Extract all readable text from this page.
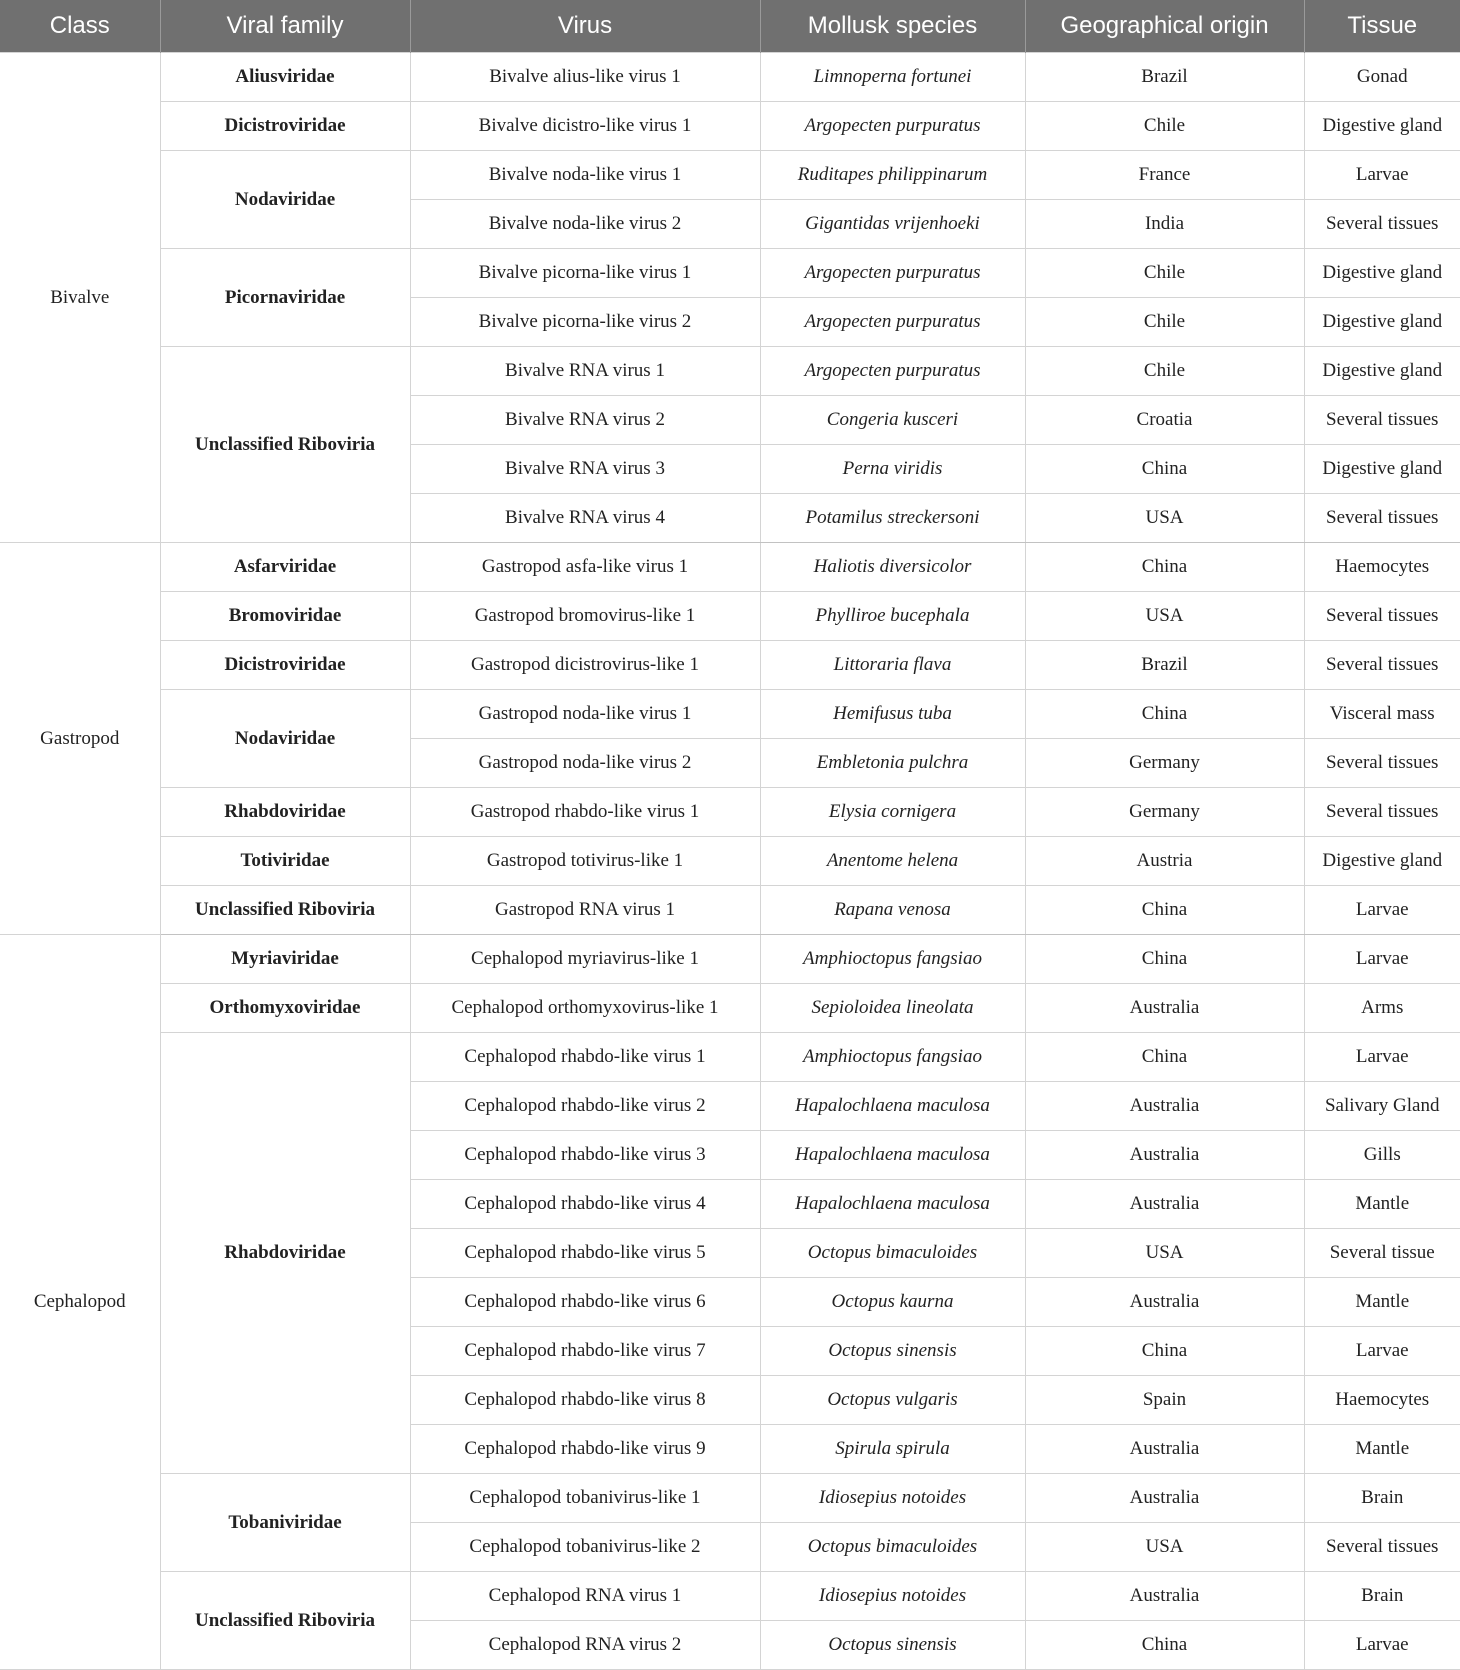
Class	Viral family	Virus	Mollusk species	Geographical origin	Tissue
Bivalve	Aliusviridae	Bivalve alius-like virus 1	Limnoperna fortunei	Brazil	Gonad
	Dicistroviridae	Bivalve dicistro-like virus 1	Argopecten purpuratus	Chile	Digestive gland
	Nodaviridae	Bivalve noda-like virus 1	Ruditapes philippinarum	France	Larvae
		Bivalve noda-like virus 2	Gigantidas vrijenhoeki	India	Several tissues
	Picornaviridae	Bivalve picorna-like virus 1	Argopecten purpuratus	Chile	Digestive gland
		Bivalve picorna-like virus 2	Argopecten purpuratus	Chile	Digestive gland
	Unclassified Riboviria	Bivalve RNA virus 1	Argopecten purpuratus	Chile	Digestive gland
		Bivalve RNA virus 2	Congeria kusceri	Croatia	Several tissues
		Bivalve RNA virus 3	Perna viridis	China	Digestive gland
		Bivalve RNA virus 4	Potamilus streckersoni	USA	Several tissues
Gastropod	Asfarviridae	Gastropod asfa-like virus 1	Haliotis diversicolor	China	Haemocytes
	Bromoviridae	Gastropod bromovirus-like 1	Phylliroe bucephala	USA	Several tissues
	Dicistroviridae	Gastropod dicistrovirus-like 1	Littoraria flava	Brazil	Several tissues
	Nodaviridae	Gastropod noda-like virus 1	Hemifusus tuba	China	Visceral mass
		Gastropod noda-like virus 2	Embletonia pulchra	Germany	Several tissues
	Rhabdoviridae	Gastropod rhabdo-like virus 1	Elysia cornigera	Germany	Several tissues
	Totiviridae	Gastropod totivirus-like 1	Anentome helena	Austria	Digestive gland
	Unclassified Riboviria	Gastropod RNA virus 1	Rapana venosa	China	Larvae
Cephalopod	Myriaviridae	Cephalopod myriavirus-like 1	Amphioctopus fangsiao	China	Larvae
	Orthomyxoviridae	Cephalopod orthomyxovirus-like 1	Sepioloidea lineolata	Australia	Arms
	Rhabdoviridae	Cephalopod rhabdo-like virus 1	Amphioctopus fangsiao	China	Larvae
		Cephalopod rhabdo-like virus 2	Hapalochlaena maculosa	Australia	Salivary Gland
		Cephalopod rhabdo-like virus 3	Hapalochlaena maculosa	Australia	Gills
		Cephalopod rhabdo-like virus 4	Hapalochlaena maculosa	Australia	Mantle
		Cephalopod rhabdo-like virus 5	Octopus bimaculoides	USA	Several tissue
		Cephalopod rhabdo-like virus 6	Octopus kaurna	Australia	Mantle
		Cephalopod rhabdo-like virus 7	Octopus sinensis	China	Larvae
		Cephalopod rhabdo-like virus 8	Octopus vulgaris	Spain	Haemocytes
		Cephalopod rhabdo-like virus 9	Spirula spirula	Australia	Mantle
	Tobaniviridae	Cephalopod tobanivirus-like 1	Idiosepius notoides	Australia	Brain
		Cephalopod tobanivirus-like 2	Octopus bimaculoides	USA	Several tissues
	Unclassified Riboviria	Cephalopod RNA virus 1	Idiosepius notoides	Australia	Brain
		Cephalopod RNA virus 2	Octopus sinensis	China	Larvae
